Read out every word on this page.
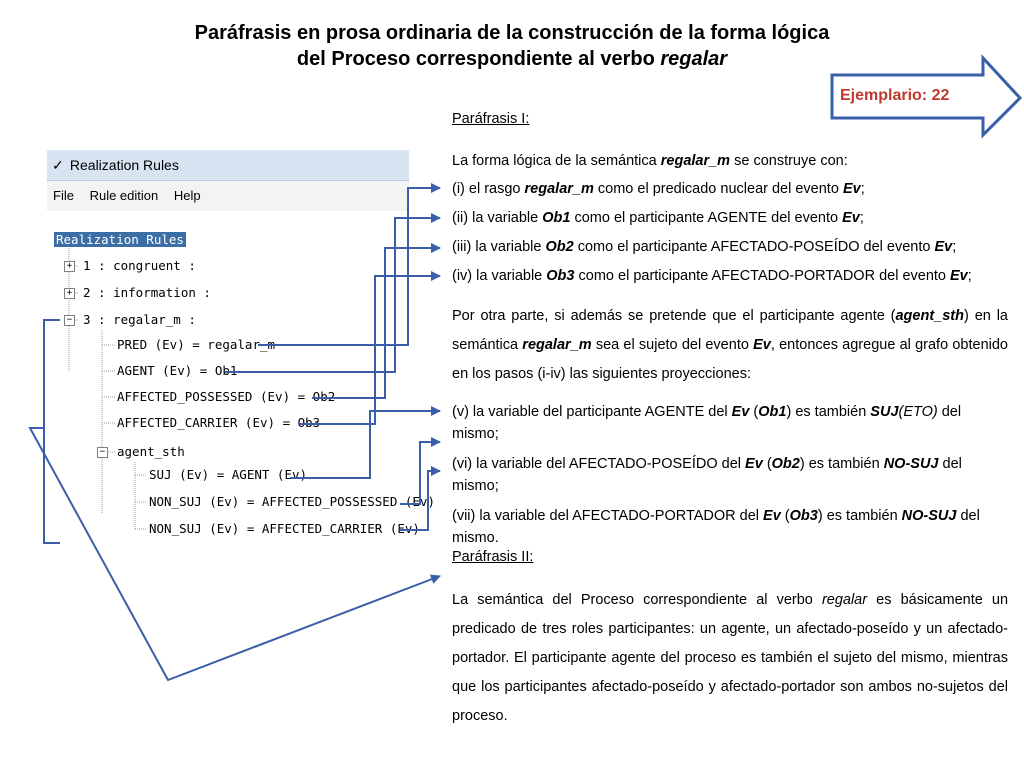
Paráfrasis en prosa ordinaria de la construcción de la forma lógica
del Proceso correspondiente al verbo regalar
Ejemplario: 22
✓ Realization Rules
File Rule edition Help
Realization Rules
+ 1 : congruent :
+ 2 : information :
− 3 : regalar_m :
PRED (Ev) = regalar_m
AGENT (Ev) = Ob1
AFFECTED_POSSESSED (Ev) = Ob2
AFFECTED_CARRIER (Ev) = Ob3
− agent_sth
SUJ (Ev) = AGENT (Ev)
NON_SUJ (Ev) = AFFECTED_POSSESSED (Ev)
NON_SUJ (Ev) = AFFECTED_CARRIER (Ev)

Paráfrasis I:

La forma lógica de la semántica regalar_m se construye con:

(i) el rasgo regalar_m como el predicado nuclear del evento Ev;

(ii) la variable Ob1 como el participante AGENTE del evento Ev;

(iii) la variable Ob2 como el participante AFECTADO-POSEÍDO del evento Ev;

(iv) la variable Ob3 como el participante AFECTADO-PORTADOR del evento Ev;

Por otra parte, si además se pretende que el participante agente (agent_sth) en la semántica regalar_m sea el sujeto del evento Ev, entonces agregue al grafo obtenido en los pasos (i-iv) las siguientes proyecciones:

(v) la variable del participante AGENTE del Ev (Ob1) es también SUJ(ETO) del mismo;

(vi) la variable del AFECTADO-POSEÍDO del Ev (Ob2) es también NO-SUJ del mismo;

(vii) la variable del AFECTADO-PORTADOR del Ev (Ob3) es también NO-SUJ del mismo.

Paráfrasis II:

La semántica del Proceso correspondiente al verbo regalar es básicamente un predicado de tres roles participantes: un agente, un afectado-poseído y un afectado-portador. El participante agente del proceso es también el sujeto del mismo, mientras que los participantes afectado-poseído y afectado-portador son ambos no-sujetos del proceso.
